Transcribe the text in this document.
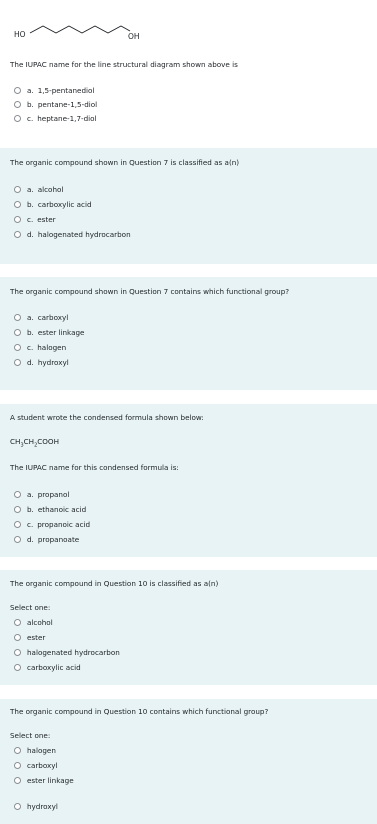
HO	OH
The IUPAC name for the line structural diagram shown above is
a. 1,5-pentanediol
b. pentane-1,5-diol
c. heptane-1,7-diol
The organic compound shown in Question 7 is classified as a(n)
a. alcohol
b. carboxylic acid
c. ester
d. halogenated hydrocarbon
The organic compound shown in Question 7 contains which functional group?
a. carboxyl
b. ester linkage
c. halogen
d. hydroxyl
A student wrote the condensed formula shown below:
$CH_3CH_2COOH$
The IUPAC name for this condensed formula is:
a. propanol
b. ethanoic acid
c. propanoic acid
d. propanoate
The organic compound in Question 10 is classified as a(n)
Select one:
alcohol
ester
halogenated hydrocarbon
carboxylic acid
The organic compound in Question 10 contains which functional group?
Select one:
halogen
carboxyl
ester linkage
hydroxyl
